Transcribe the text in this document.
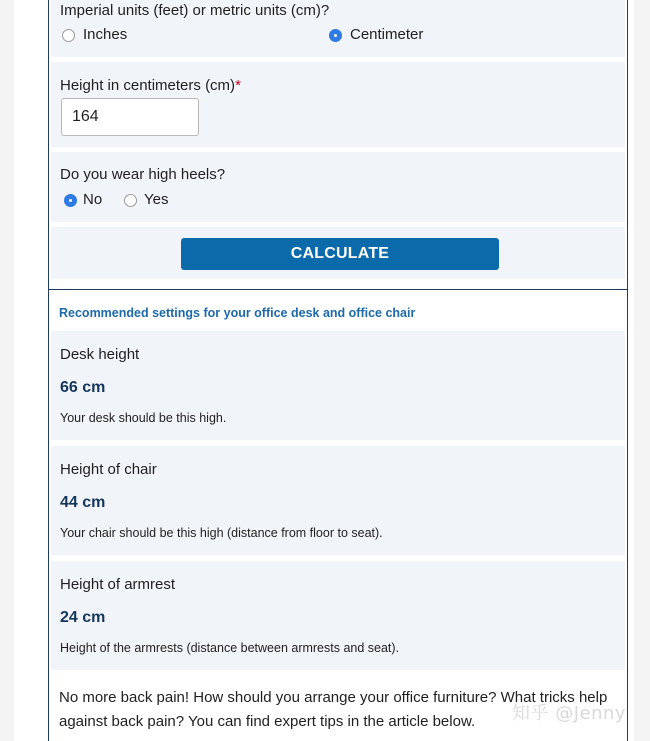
Imperial units (feet) or metric units (cm)?
Inches	Centimeter
Height in centimeters (cm)*
164
Do you wear high heels?
No	Yes
CALCULATE
Recommended settings for your office desk and office chair
Desk height
66 cm
Your desk should be this high.
Height of chair
44 cm
Your chair should be this high (distance from floor to seat).
Height of armrest
24 cm
Height of the armrests (distance between armrests and seat).
No more back pain! How should you arrange your office furniture? What tricks help against back pain? You can find expert tips in the article below.	知乎 @Jenny
